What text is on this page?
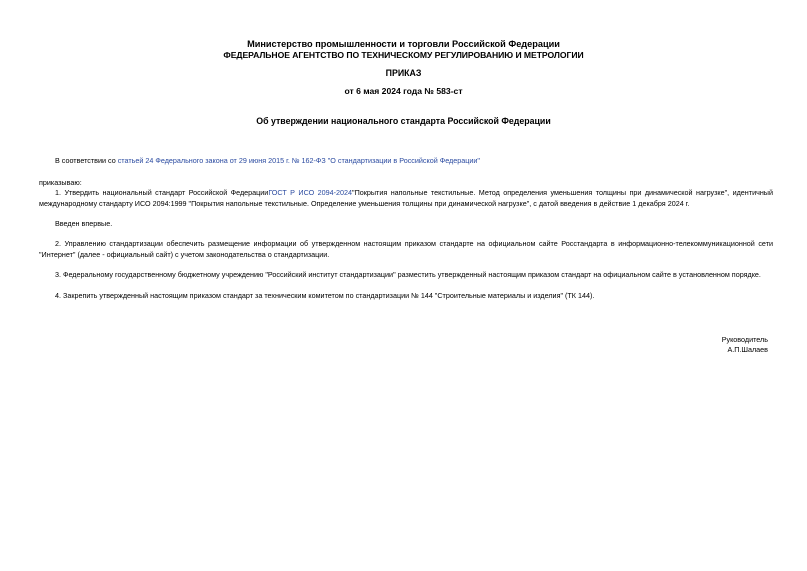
Министерство промышленности и торговли Российской Федерации
ФЕДЕРАЛЬНОЕ АГЕНТСТВО ПО ТЕХНИЧЕСКОМУ РЕГУЛИРОВАНИЮ И МЕТРОЛОГИИ
ПРИКАЗ
от 6 мая 2024 года № 583-ст
Об утверждении национального стандарта Российской Федерации
В соответствии со статьей 24 Федерального закона от 29 июня 2015 г. № 162-ФЗ "О стандартизации в Российской Федерации"
приказываю:
1. Утвердить национальный стандарт Российской ФедерацииГОСТ Р ИСО 2094-2024"Покрытия напольные текстильные. Метод определения уменьшения толщины при динамической нагрузке", идентичный международному стандарту ИСО 2094:1999 "Покрытия напольные текстильные. Определение уменьшения толщины при динамической нагрузке", с датой введения в действие 1 декабря 2024 г.
Введен впервые.
2. Управлению стандартизации обеспечить размещение информации об утвержденном настоящим приказом стандарте на официальном сайте Росстандарта в информационно-телекоммуникационной сети "Интернет" (далее - официальный сайт) с учетом законодательства о стандартизации.
3. Федеральному государственному бюджетному учреждению "Российский институт стандартизации" разместить утвержденный настоящим приказом стандарт на официальном сайте в установленном порядке.
4. Закрепить утвержденный настоящим приказом стандарт за техническим комитетом по стандартизации № 144 "Строительные материалы и изделия" (ТК 144).
Руководитель
А.П.Шалаев
